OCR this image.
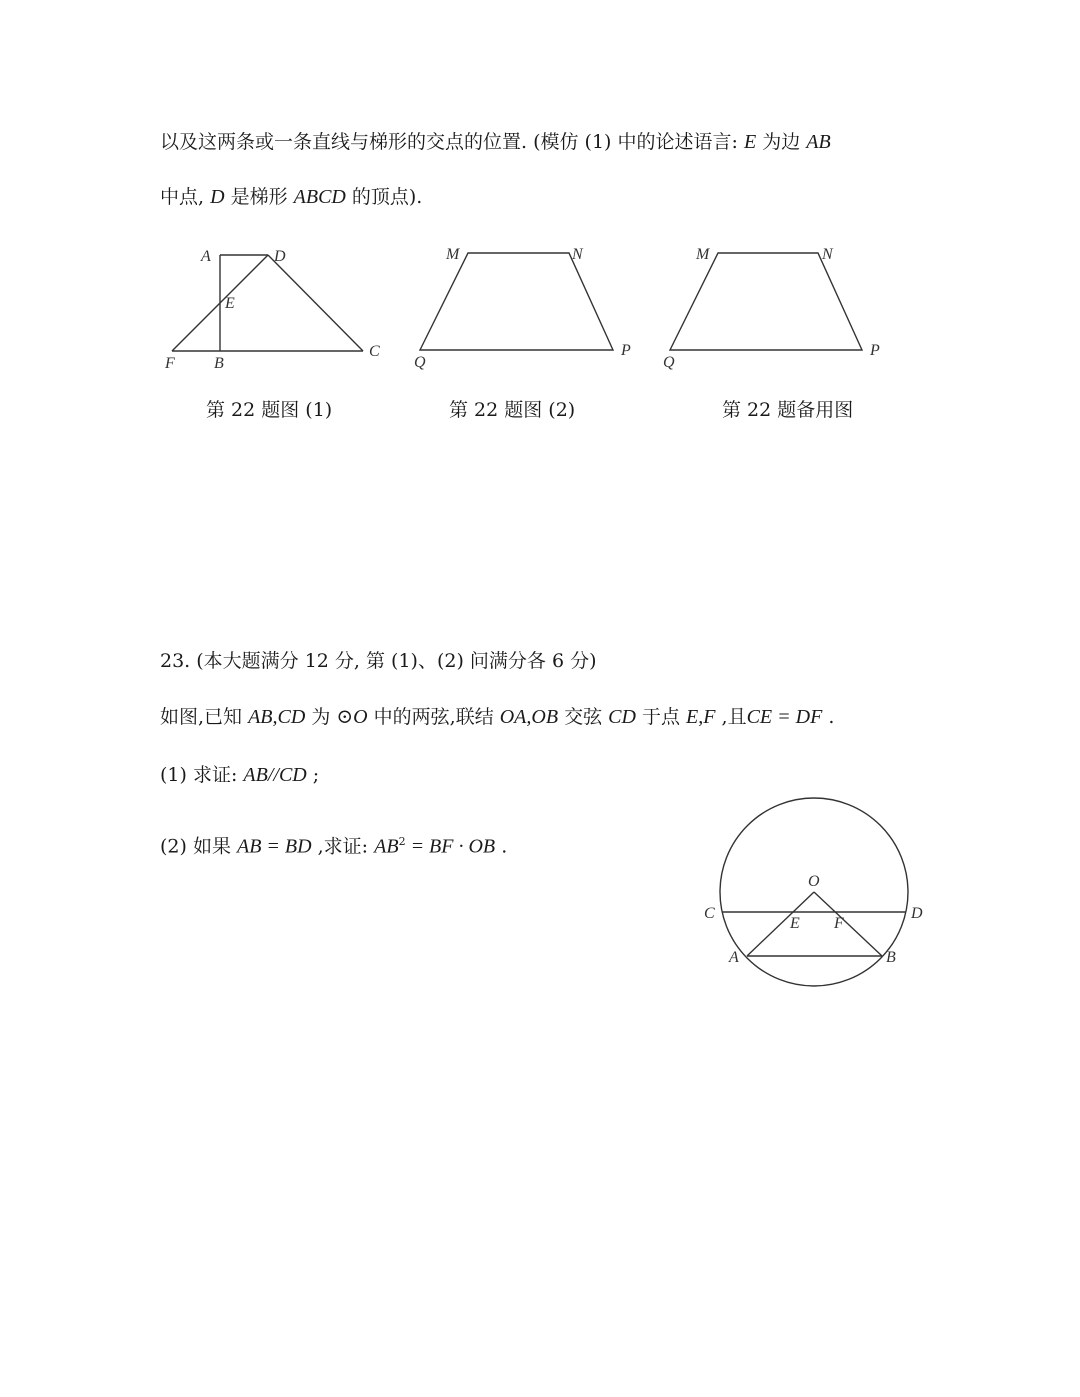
以及这两条或一条直线与梯形的交点的位置. (模仿 (1) 中的论述语言: E 为边 AB
中点, D 是梯形 ABCD 的顶点).
A	D
E
F B
C
M	N
Q
P
M	N
Q
P
第 22 题图 (1)	第 22 题图 (2)	第 22 题备用图
23. (本大题满分 12 分, 第 (1)、(2) 问满分各 6 分)
如图,已知 AB,CD 为 ⊙O 中的两弦,联结 OA,OB 交弦 CD 于点 E,F ,且CE = DF .
(1) 求证: AB//CD ;
(2) 如果 AB = BD ,求证: $AB^2$ = BF · OB .
O
C	D
E F
A	B
